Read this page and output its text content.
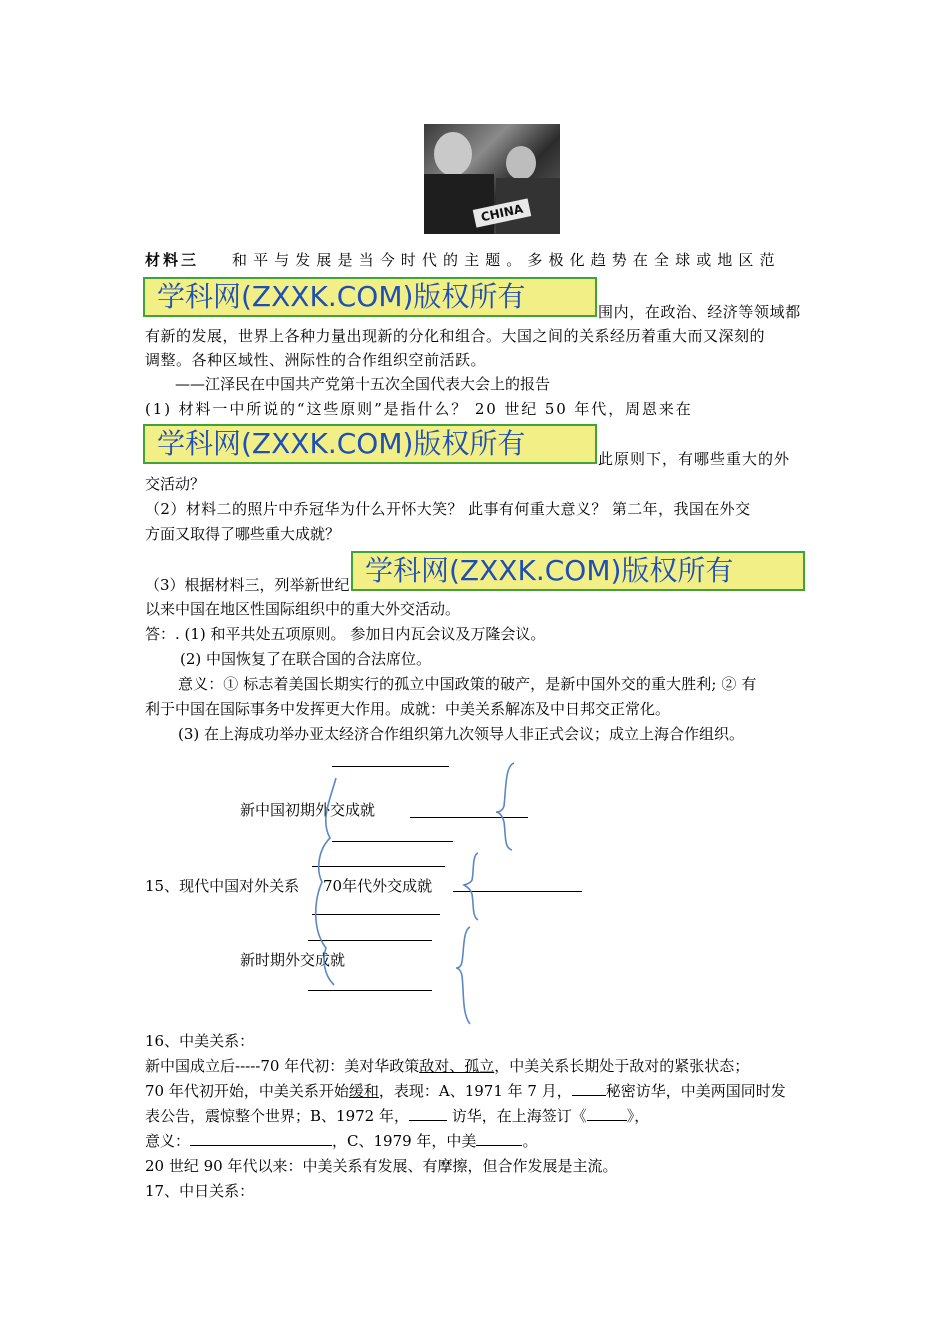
CHINA
材料三 和平与发展是当今时代的主题。多极化趋势在全球或地区范
学科网(ZXXK.COM)版权所有	围内，在政治、经济等领域都
有新的发展，世界上各种力量出现新的分化和组合。大国之间的关系经历着重大而又深刻的
调整。各种区域性、洲际性的合作组织空前活跃。
——江泽民在中国共产党第十五次全国代表大会上的报告
(1) 材料一中所说的“这些原则”是指什么？ 20 世纪 50 年代，周恩来在
学科网(ZXXK.COM)版权所有	此原则下，有哪些重大的外
交活动？
（2）材料二的照片中乔冠华为什么开怀大笑？ 此事有何重大意义？ 第二年，我国在外交
方面又取得了哪些重大成就？
学科网(ZXXK.COM)版权所有
（3）根据材料三，列举新世纪
以来中国在地区性国际组织中的重大外交活动。
答：. (1) 和平共处五项原则。 参加日内瓦会议及万隆会议。
(2) 中国恢复了在联合国的合法席位。
意义：① 标志着美国长期实行的孤立中国政策的破产，是新中国外交的重大胜利; ② 有
利于中国在国际事务中发挥更大作用。成就：中美关系解冻及中日邦交正常化。
(3) 在上海成功举办亚太经济合作组织第九次领导人非正式会议；成立上海合作组织。
新中国初期外交成就
15、现代中国对外关系 70年代外交成就
新时期外交成就
16、中美关系：
新中国成立后-----70 年代初：美对华政策敌对、孤立，中美关系长期处于敌对的紧张状态；
70 年代初开始，中美关系开始缓和，表现：A、1971 年 7 月， 秘密访华，中美两国同时发
表公告，震惊整个世界；B、1972 年，	访华，在上海签订《	》，
意义：	，C、1979 年，中美	。
20 世纪 90 年代以来：中美关系有发展、有摩擦，但合作发展是主流。
17、中日关系：
